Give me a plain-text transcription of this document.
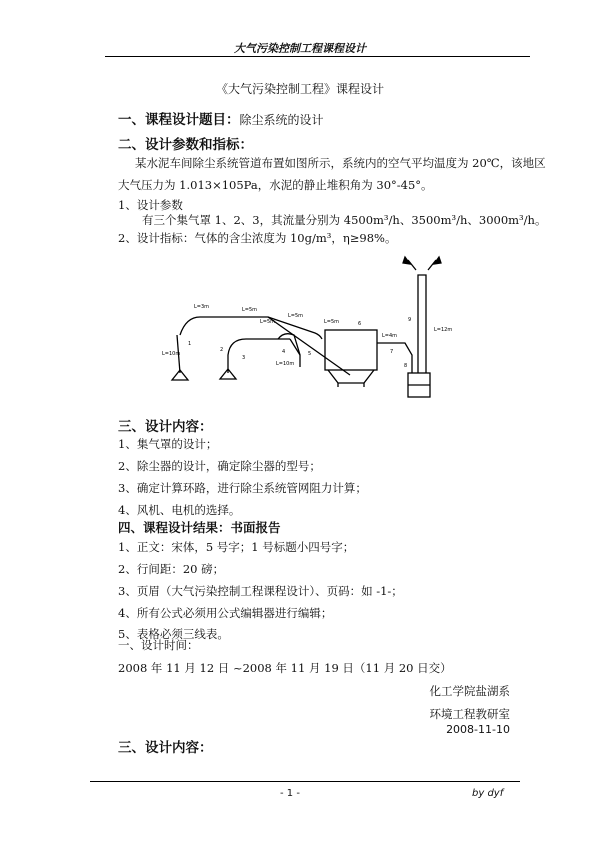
大气污染控制工程课程设计
《大气污染控制工程》课程设计
一、课程设计题目：除尘系统的设计
二、设计参数和指标：
某水泥车间除尘系统管道布置如图所示，系统内的空气平均温度为 20℃，该地区
大气压力为 1.013×105Pa，水泥的静止堆积角为 30°-45°。
1、设计参数
有三个集气罩 1、2、3，其流量分别为 4500m³/h、3500m³/h、3000m³/h。
2、设计指标：气体的含尘浓度为 10g/m³，η≥98%。
L=3m	L=5m
L=5m
L=5m
L=5m
L=4m
L=10m
L=10m
L=12m
1
2
3
4	5
6
7
8
9
三、设计内容：
1、集气罩的设计；
2、除尘器的设计，确定除尘器的型号；
3、确定计算环路，进行除尘系统管网阻力计算；
4、风机、电机的选择。
四、课程设计结果：书面报告
1、正文：宋体，5 号字；1 号标题小四号字；
2、行间距：20 磅；
3、页眉（大气污染控制工程课程设计）、页码：如 -1-；
4、所有公式必须用公式编辑器进行编辑；
5、表格必须三线表。
一、设计时间：
2008 年 11 月 12 日 ~2008 年 11 月 19 日（11 月 20 日交）
化工学院盐湖系
环境工程教研室
2008-11-10
三、设计内容：
- 1 -	by dyf
